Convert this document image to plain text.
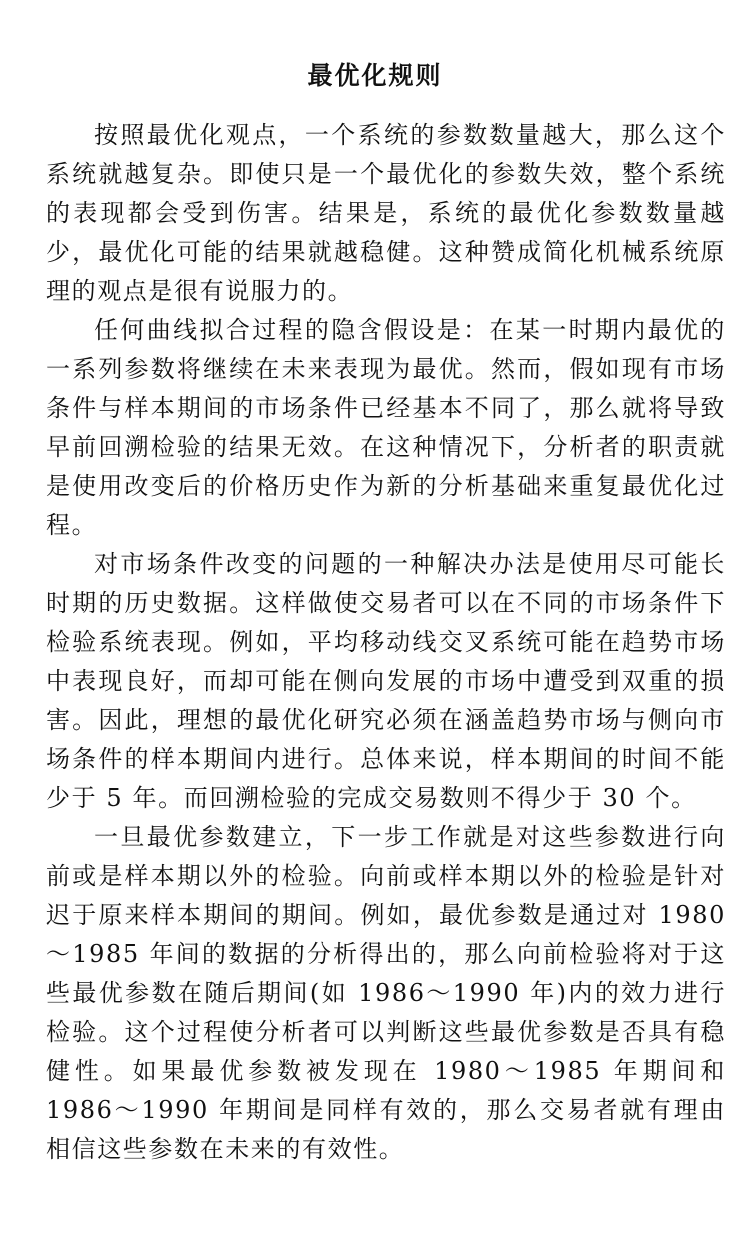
最优化规则

按照最优化观点，一个系统的参数数量越大，那么这个系统就越复杂。即使只是一个最优化的参数失效，整个系统的表现都会受到伤害。结果是，系统的最优化参数数量越少，最优化可能的结果就越稳健。这种赞成简化机械系统原理的观点是很有说服力的。

任何曲线拟合过程的隐含假设是：在某一时期内最优的一系列参数将继续在未来表现为最优。然而，假如现有市场条件与样本期间的市场条件已经基本不同了，那么就将导致早前回溯检验的结果无效。在这种情况下，分析者的职责就是使用改变后的价格历史作为新的分析基础来重复最优化过程。

对市场条件改变的问题的一种解决办法是使用尽可能长时期的历史数据。这样做使交易者可以在不同的市场条件下检验系统表现。例如，平均移动线交叉系统可能在趋势市场中表现良好，而却可能在侧向发展的市场中遭受到双重的损害。因此，理想的最优化研究必须在涵盖趋势市场与侧向市场条件的样本期间内进行。总体来说，样本期间的时间不能少于 5 年。而回溯检验的完成交易数则不得少于 30 个。

一旦最优参数建立，下一步工作就是对这些参数进行向前或是样本期以外的检验。向前或样本期以外的检验是针对迟于原来样本期间的期间。例如，最优参数是通过对 1980～1985 年间的数据的分析得出的，那么向前检验将对于这些最优参数在随后期间(如 1986～1990 年)内的效力进行检验。这个过程使分析者可以判断这些最优参数是否具有稳健性。如果最优参数被发现在 1980～1985 年期间和 1986～1990 年期间是同样有效的，那么交易者就有理由相信这些参数在未来的有效性。
